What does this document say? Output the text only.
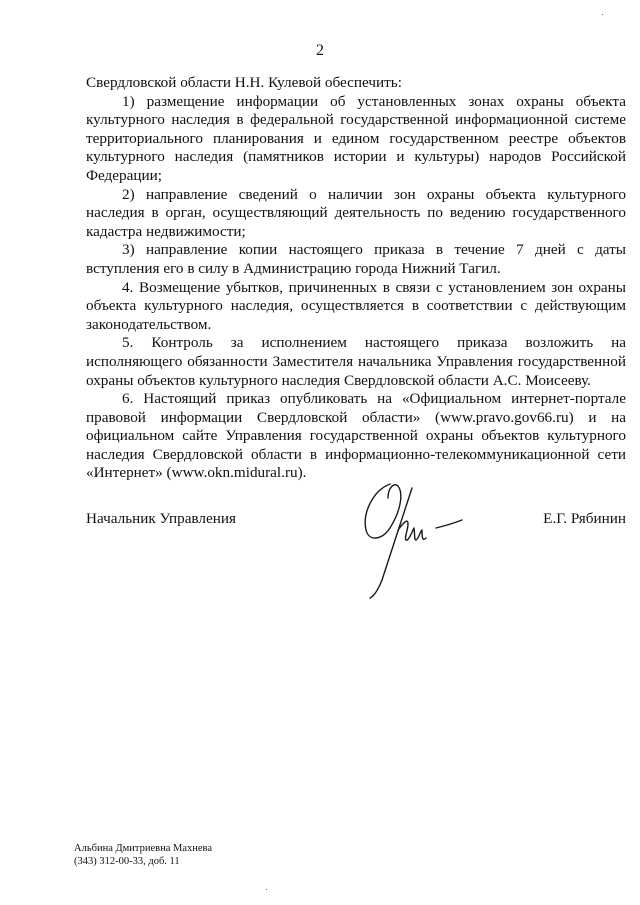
2

Свердловской области Н.Н. Кулевой обеспечить:

1) размещение информации об установленных зонах охраны объекта культурного наследия в федеральной государственной информационной системе территориального планирования и едином государственном реестре объектов культурного наследия (памятников истории и культуры) народов Российской Федерации;

2) направление сведений о наличии зон охраны объекта культурного наследия в орган, осуществляющий деятельность по ведению государственного кадастра недвижимости;

3) направление копии настоящего приказа в течение 7 дней с даты вступления его в силу в Администрацию города Нижний Тагил.

4. Возмещение убытков, причиненных в связи с установлением зон охраны объекта культурного наследия, осуществляется в соответствии с действующим законодательством.

5. Контроль за исполнением настоящего приказа возложить на исполняющего обязанности Заместителя начальника Управления государственной охраны объектов культурного наследия Свердловской области А.С. Моисееву.

6. Настоящий приказ опубликовать на «Официальном интернет-портале правовой информации Свердловской области» (www.pravo.gov66.ru) и на официальном сайте Управления государственной охраны объектов культурного наследия Свердловской области в информационно-телекоммуникационной сети «Интернет» (www.okn.midural.ru).

Начальник Управления	Е.Г. Рябинин
Альбина Дмитриевна Махнева
(343) 312-00-33, доб. 11
